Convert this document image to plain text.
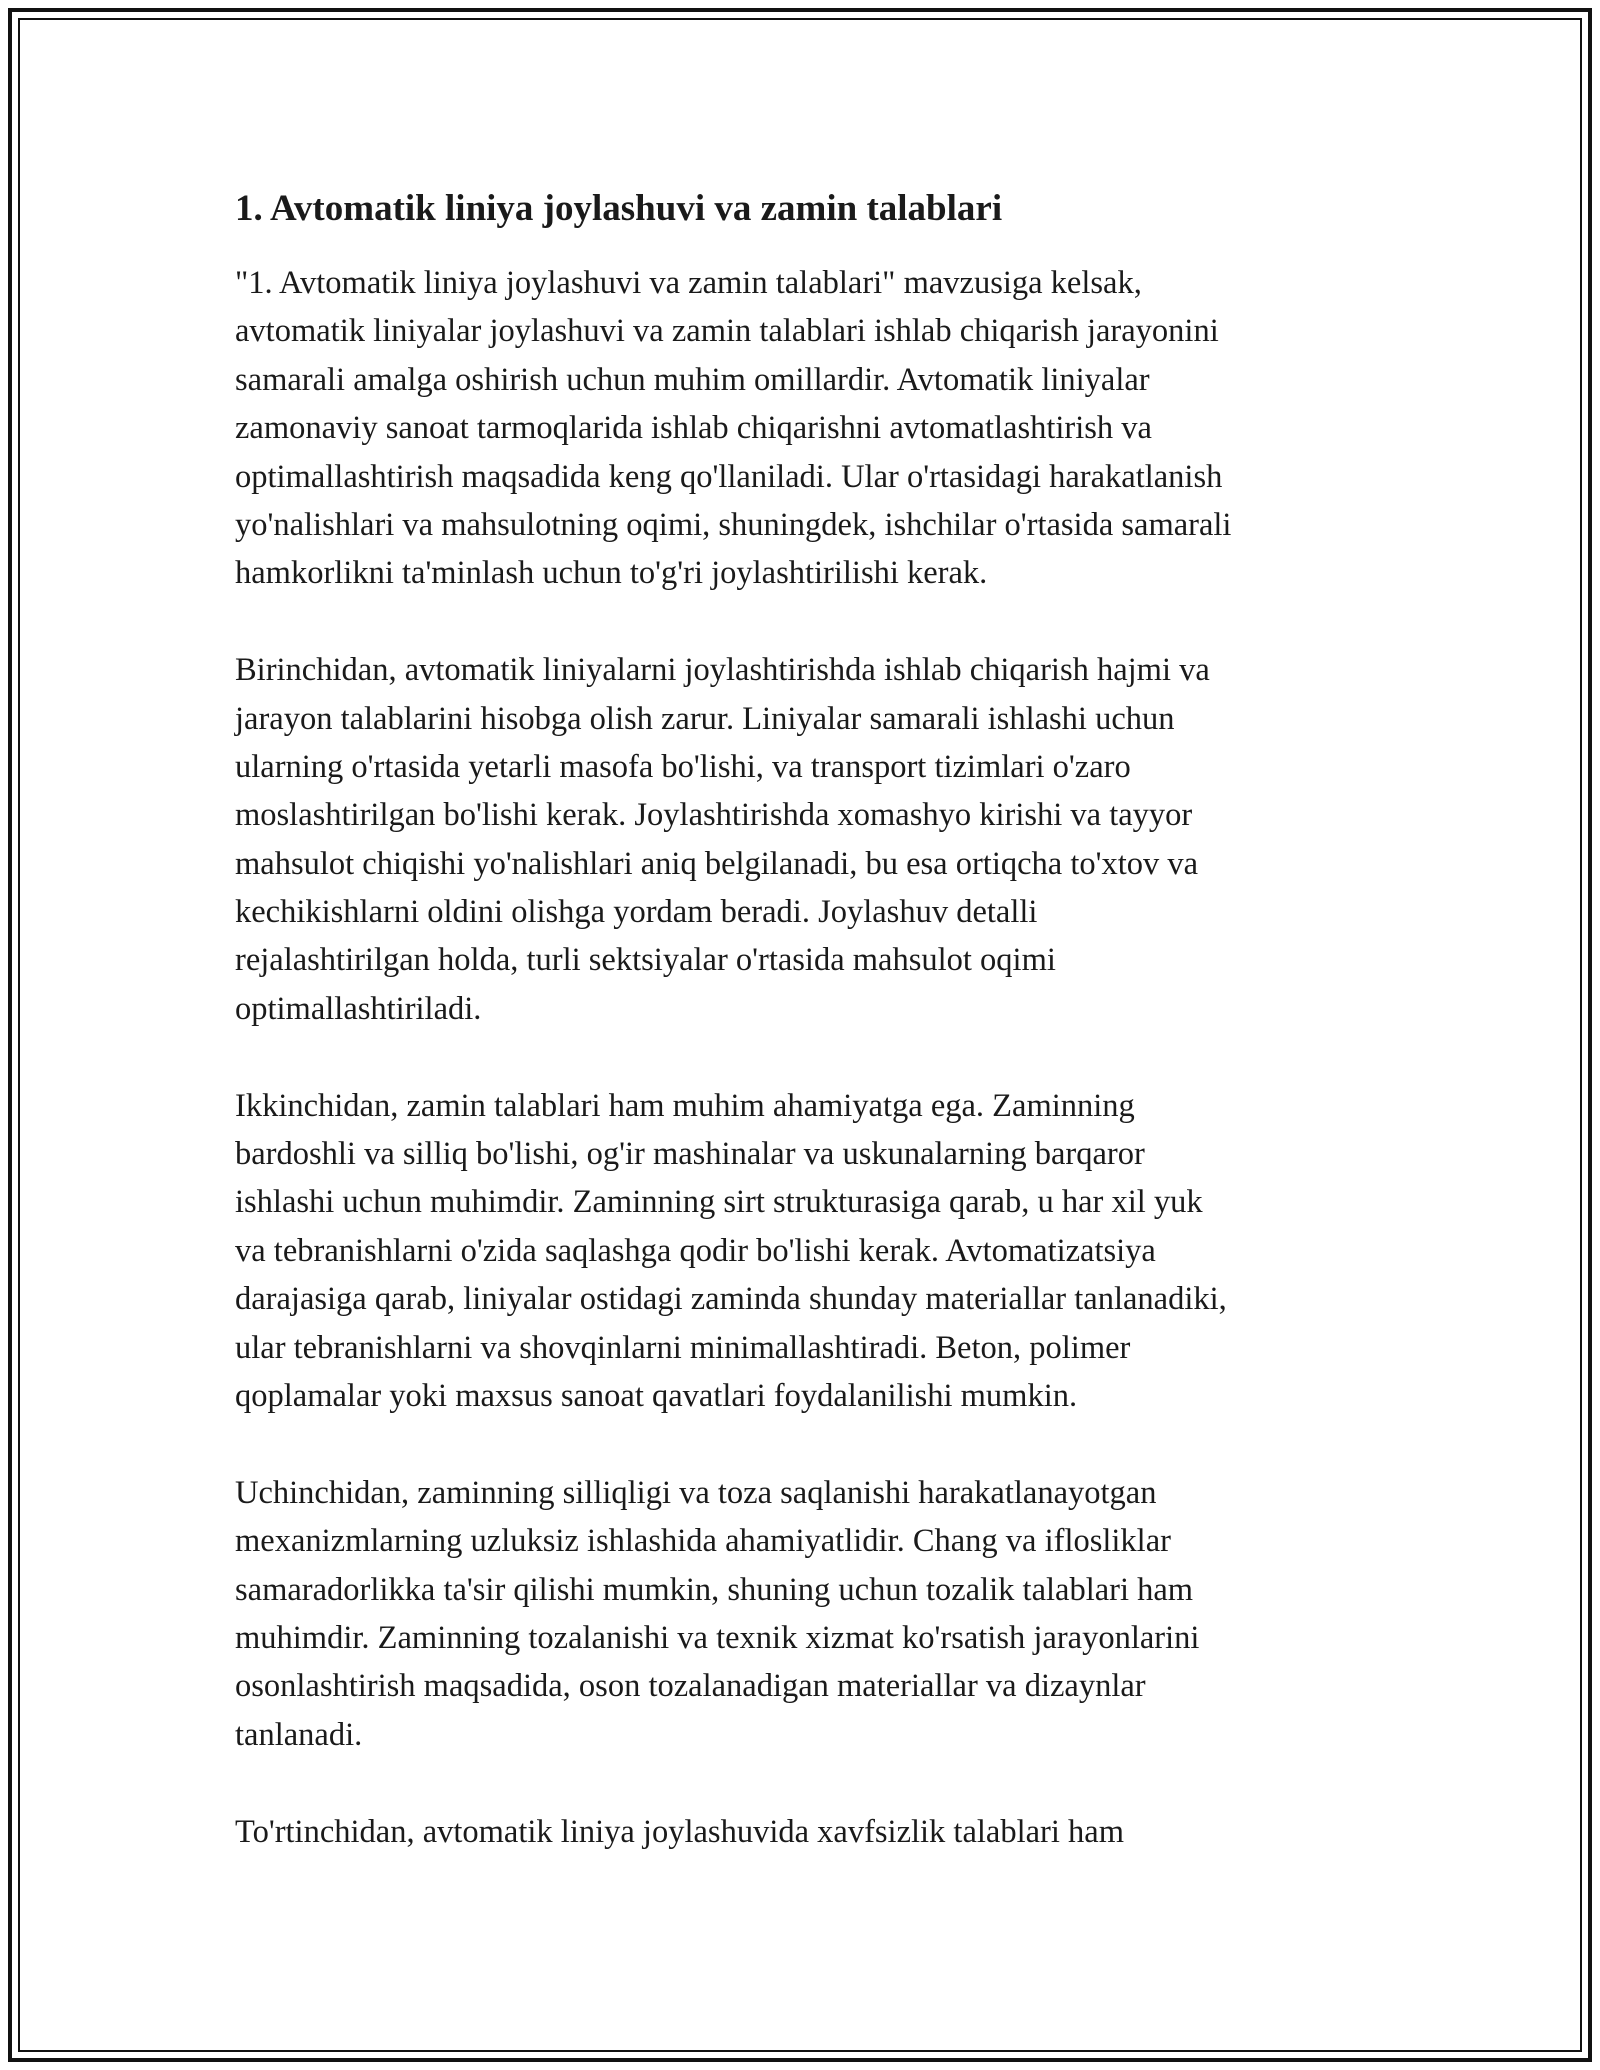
1. Avtomatik liniya joylashuvi va zamin talablari
"1. Avtomatik liniya joylashuvi va zamin talablari" mavzusiga kelsak,
avtomatik liniyalar joylashuvi va zamin talablari ishlab chiqarish jarayonini
samarali amalga oshirish uchun muhim omillardir. Avtomatik liniyalar
zamonaviy sanoat tarmoqlarida ishlab chiqarishni avtomatlashtirish va
optimallashtirish maqsadida keng qo'llaniladi. Ular o'rtasidagi harakatlanish
yo'nalishlari va mahsulotning oqimi, shuningdek, ishchilar o'rtasida samarali
hamkorlikni ta'minlash uchun to'g'ri joylashtirilishi kerak.
Birinchidan, avtomatik liniyalarni joylashtirishda ishlab chiqarish hajmi va
jarayon talablarini hisobga olish zarur. Liniyalar samarali ishlashi uchun
ularning o'rtasida yetarli masofa bo'lishi, va transport tizimlari o'zaro
moslashtirilgan bo'lishi kerak. Joylashtirishda xomashyo kirishi va tayyor
mahsulot chiqishi yo'nalishlari aniq belgilanadi, bu esa ortiqcha to'xtov va
kechikishlarni oldini olishga yordam beradi. Joylashuv detalli
rejalashtirilgan holda, turli sektsiyalar o'rtasida mahsulot oqimi
optimallashtiriladi.
Ikkinchidan, zamin talablari ham muhim ahamiyatga ega. Zaminning
bardoshli va silliq bo'lishi, og'ir mashinalar va uskunalarning barqaror
ishlashi uchun muhimdir. Zaminning sirt strukturasiga qarab, u har xil yuk
va tebranishlarni o'zida saqlashga qodir bo'lishi kerak. Avtomatizatsiya
darajasiga qarab, liniyalar ostidagi zaminda shunday materiallar tanlanadiki,
ular tebranishlarni va shovqinlarni minimallashtiradi. Beton, polimer
qoplamalar yoki maxsus sanoat qavatlari foydalanilishi mumkin.
Uchinchidan, zaminning silliqligi va toza saqlanishi harakatlanayotgan
mexanizmlarning uzluksiz ishlashida ahamiyatlidir. Chang va iflosliklar
samaradorlikka ta'sir qilishi mumkin, shuning uchun tozalik talablari ham
muhimdir. Zaminning tozalanishi va texnik xizmat ko'rsatish jarayonlarini
osonlashtirish maqsadida, oson tozalanadigan materiallar va dizaynlar
tanlanadi.
To'rtinchidan, avtomatik liniya joylashuvida xavfsizlik talablari ham
